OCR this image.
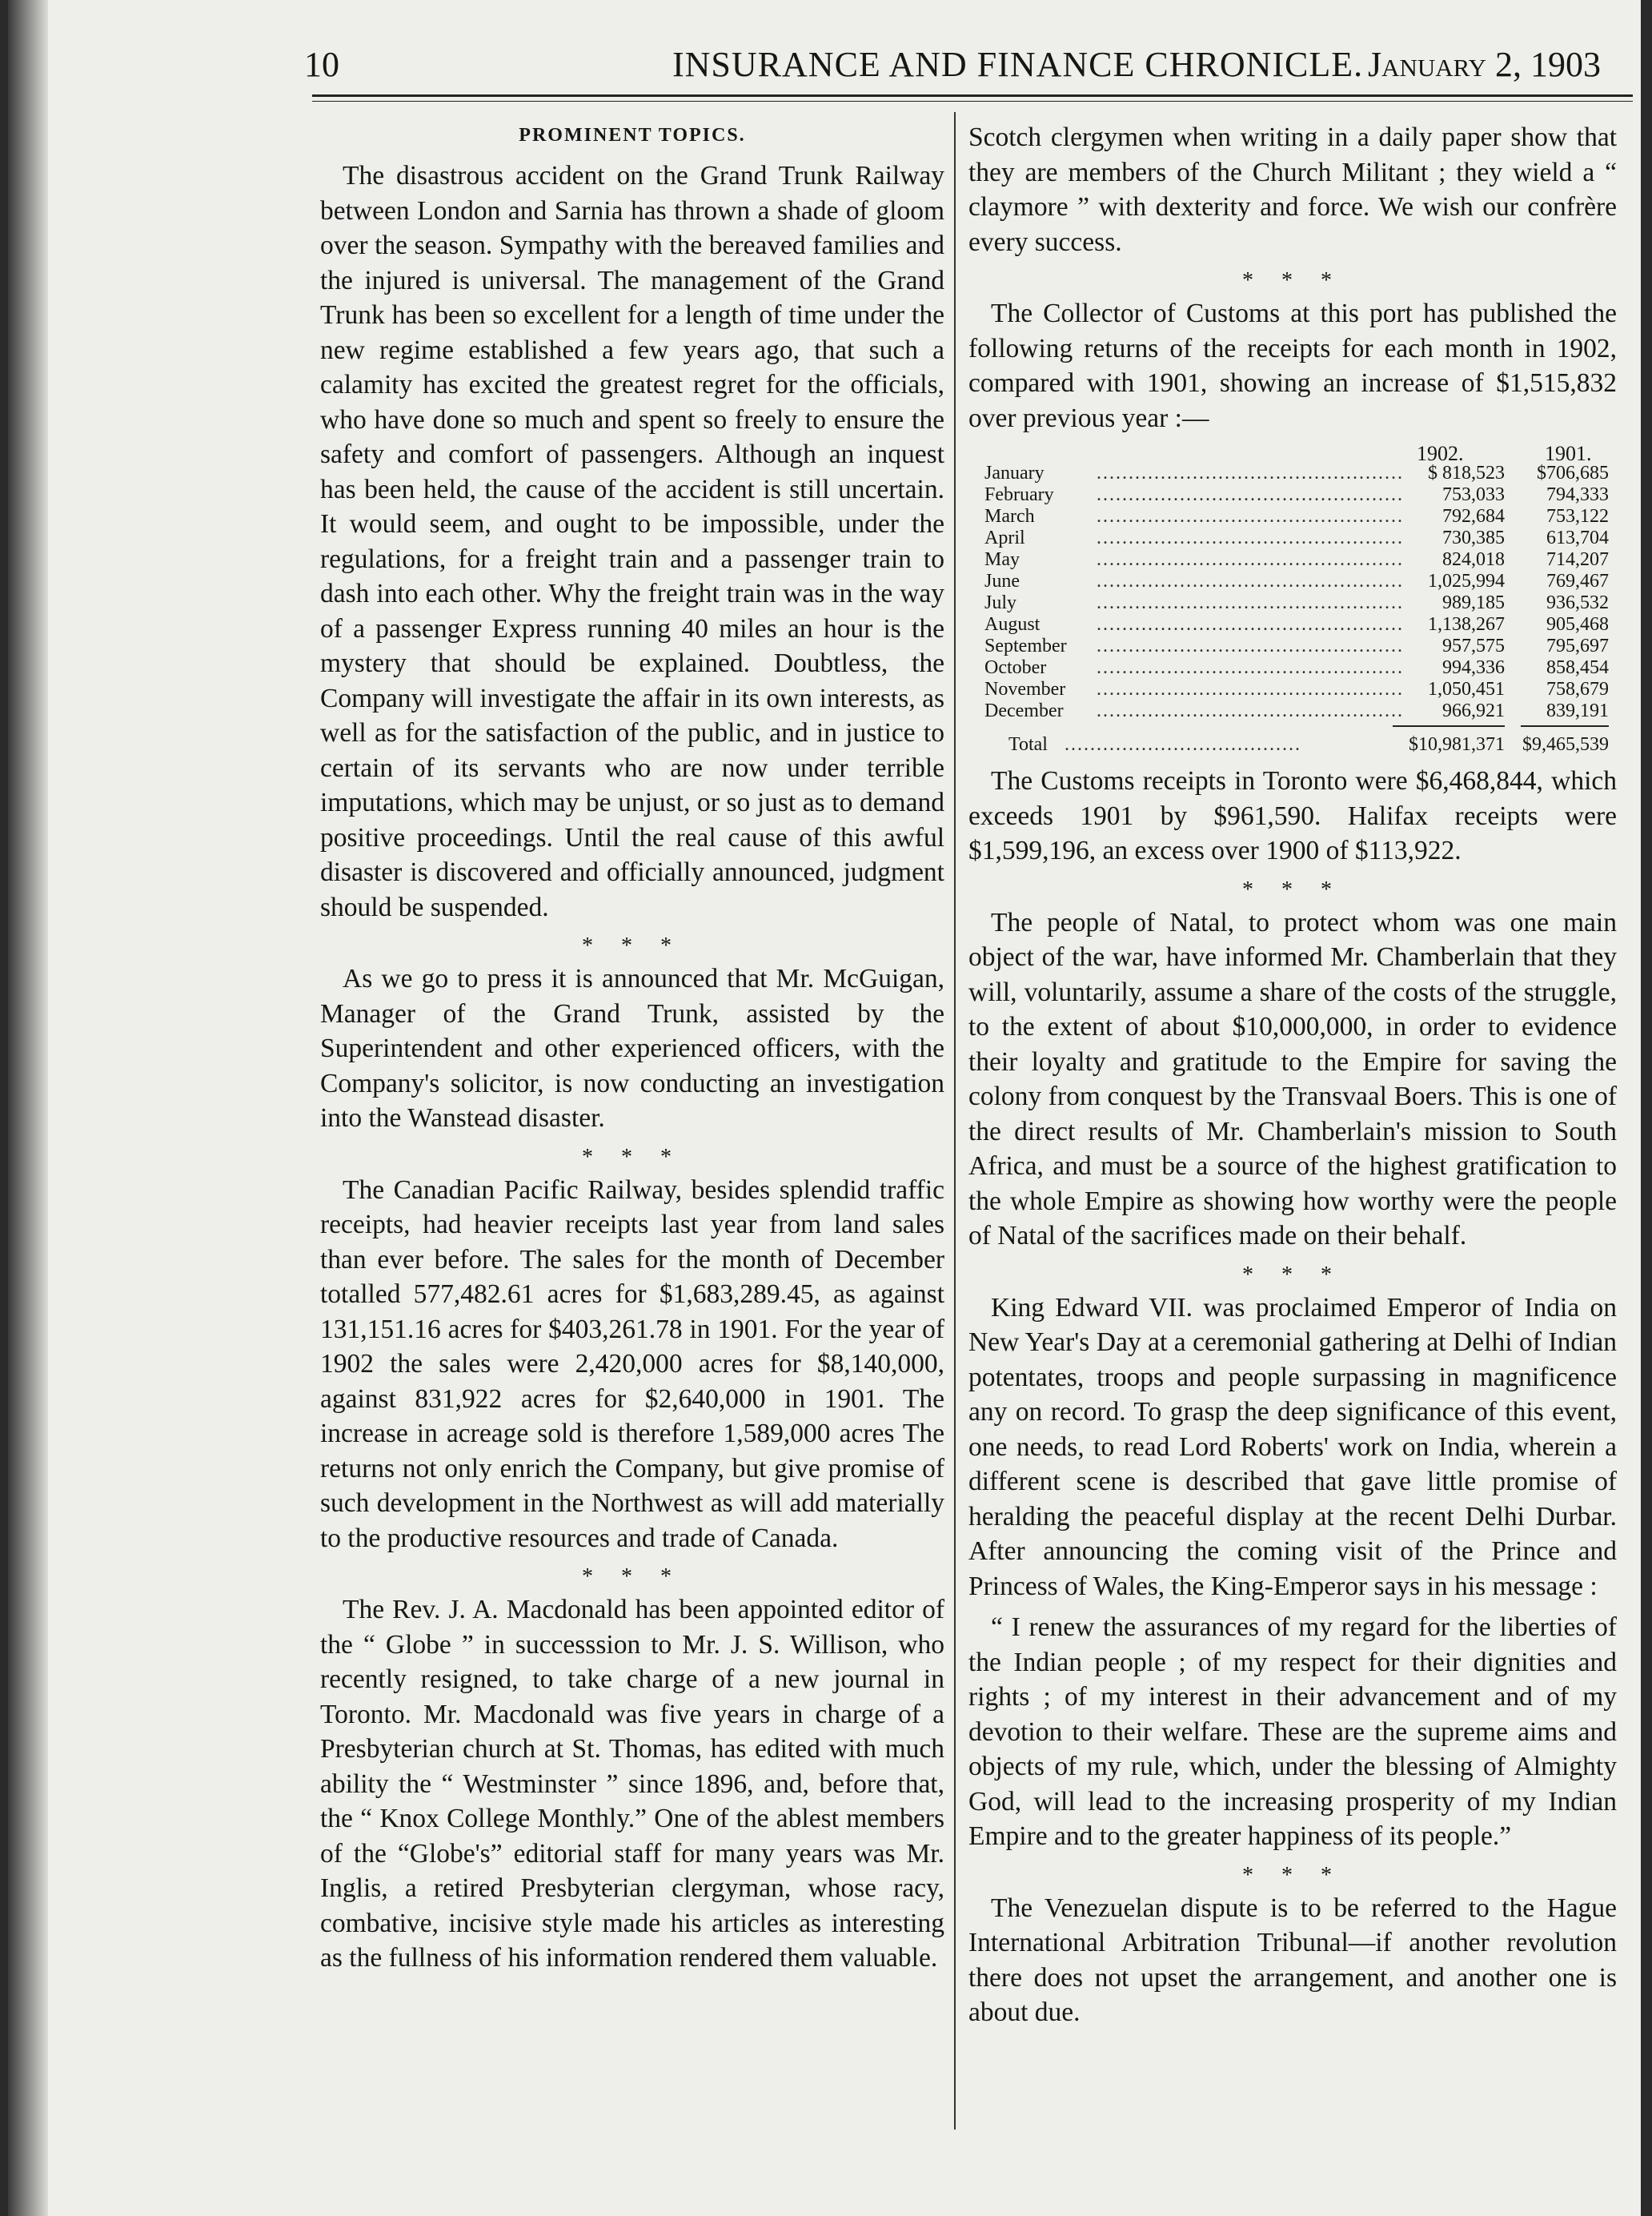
10	INSURANCE AND FINANCE CHRONICLE. January 2, 1903
PROMINENT TOPICS.

The disastrous accident on the Grand Trunk Railway between London and Sarnia has thrown a shade of gloom over the season. Sympathy with the bereaved families and the injured is universal. The management of the Grand Trunk has been so excellent for a length of time under the new regime established a few years ago, that such a calamity has excited the greatest regret for the officials, who have done so much and spent so freely to ensure the safety and comfort of passengers. Although an inquest has been held, the cause of the accident is still uncertain. It would seem, and ought to be impossible, under the regulations, for a freight train and a passenger train to dash into each other. Why the freight train was in the way of a passenger Express running 40 miles an hour is the mystery that should be explained. Doubtless, the Company will investigate the affair in its own interests, as well as for the satisfaction of the public, and in justice to certain of its servants who are now under terrible imputations, which may be unjust, or so just as to demand positive proceedings. Until the real cause of this awful disaster is discovered and officially announced, judgment should be suspended.

* * *

As we go to press it is announced that Mr. McGuigan, Manager of the Grand Trunk, assisted by the Superintendent and other experienced officers, with the Company's solicitor, is now conducting an investigation into the Wanstead disaster.

* * *

The Canadian Pacific Railway, besides splendid traffic receipts, had heavier receipts last year from land sales than ever before. The sales for the month of December totalled 577,482.61 acres for $1,683,289.45, as against 131,151.16 acres for $403,261.78 in 1901. For the year of 1902 the sales were 2,420,000 acres for $8,140,000, against 831,922 acres for $2,640,000 in 1901. The increase in acreage sold is therefore 1,589,000 acres The returns not only enrich the Company, but give promise of such development in the Northwest as will add materially to the productive resources and trade of Canada.

* * *

The Rev. J. A. Macdonald has been appointed editor of the “ Globe ” in successsion to Mr. J. S. Willison, who recently resigned, to take charge of a new journal in Toronto. Mr. Macdonald was five years in charge of a Presbyterian church at St. Thomas, has edited with much ability the “ Westminster ” since 1896, and, before that, the “ Knox College Monthly.” One of the ablest members of the “Globe's” editorial staff for many years was Mr. Inglis, a retired Presbyterian clergyman, whose racy, combative, incisive style made his articles as interesting as the fullness of his information rendered them valuable.

Scotch clergymen when writing in a daily paper show that they are members of the Church Militant ; they wield a “ claymore ” with dexterity and force. We wish our confrère every success.

* * *

The Collector of Customs at this port has published the following returns of the receipts for each month in 1902, compared with 1901, showing an increase of $1,515,832 over previous year :—

1902.	1901.
January	................................................	$ 818,523	$706,685
February ................................................	753,033	794,333
March	................................................	792,684	753,122
April	................................................	730,385	613,704
May	................................................	824,018	714,207
June	................................................	1,025,994	769,467
July	................................................	989,185	936,532
August	................................................	1,138,267	905,468
September ................................................	957,575	795,697
October	................................................	994,336	858,454
November ................................................	1,050,451	758,679
December ................................................	966,921	839,191
Total .....................................	$10,981,371 $9,465,539

The Customs receipts in Toronto were $6,468,844, which exceeds 1901 by $961,590. Halifax receipts were $1,599,196, an excess over 1900 of $113,922.

* * *

The people of Natal, to protect whom was one main object of the war, have informed Mr. Chamberlain that they will, voluntarily, assume a share of the costs of the struggle, to the extent of about $10,000,000, in order to evidence their loyalty and gratitude to the Empire for saving the colony from conquest by the Transvaal Boers. This is one of the direct results of Mr. Chamberlain's mission to South Africa, and must be a source of the highest gratification to the whole Empire as showing how worthy were the people of Natal of the sacrifices made on their behalf.

* * *

King Edward VII. was proclaimed Emperor of India on New Year's Day at a ceremonial gathering at Delhi of Indian potentates, troops and people surpassing in magnificence any on record. To grasp the deep significance of this event, one needs, to read Lord Roberts' work on India, wherein a different scene is described that gave little promise of heralding the peaceful display at the recent Delhi Durbar. After announcing the coming visit of the Prince and Princess of Wales, the King-Emperor says in his message :

“ I renew the assurances of my regard for the liberties of the Indian people ; of my respect for their dignities and rights ; of my interest in their advancement and of my devotion to their welfare. These are the supreme aims and objects of my rule, which, under the blessing of Almighty God, will lead to the increasing prosperity of my Indian Empire and to the greater happiness of its people.”

* * *

The Venezuelan dispute is to be referred to the Hague International Arbitration Tribunal—if another revolution there does not upset the arrangement, and another one is about due.
